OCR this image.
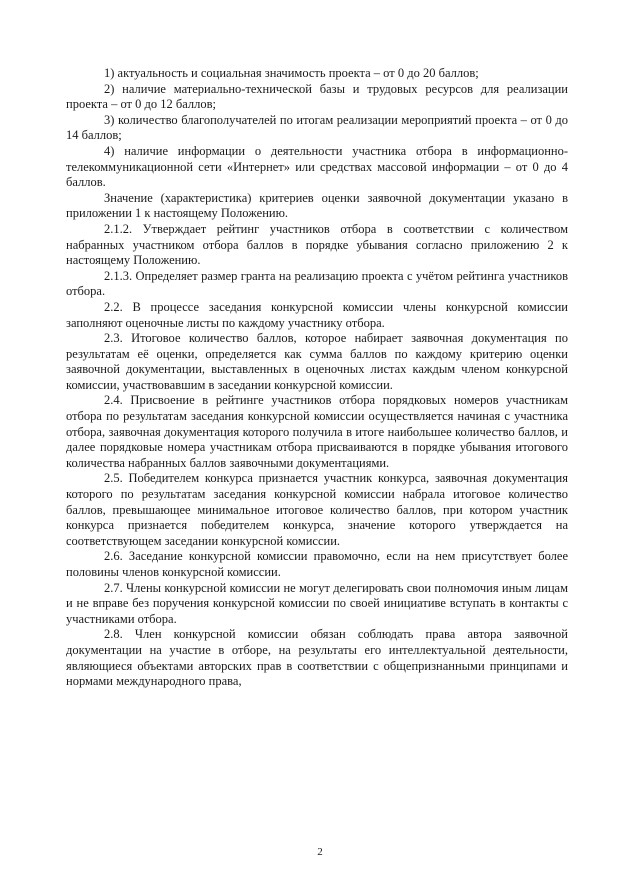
1) актуальность и социальная значимость проекта – от 0 до 20 баллов;

2) наличие материально-технической базы и трудовых ресурсов для реализации проекта – от 0 до 12 баллов;

3) количество благополучателей по итогам реализации мероприятий проекта – от 0 до 14 баллов;

4) наличие информации о деятельности участника отбора в информационно-телекоммуникационной сети «Интернет» или средствах массовой информации – от 0 до 4 баллов.

Значение (характеристика) критериев оценки заявочной документации указано в приложении 1 к настоящему Положению.

2.1.2. Утверждает рейтинг участников отбора в соответствии с количеством набранных участником отбора баллов в порядке убывания согласно приложению 2 к настоящему Положению.

2.1.3. Определяет размер гранта на реализацию проекта с учётом рейтинга участников отбора.

2.2. В процессе заседания конкурсной комиссии члены конкурсной комиссии заполняют оценочные листы по каждому участнику отбора.

2.3. Итоговое количество баллов, которое набирает заявочная документация по результатам её оценки, определяется как сумма баллов по каждому критерию оценки заявочной документации, выставленных в оценочных листах каждым членом конкурсной комиссии, участвовавшим в заседании конкурсной комиссии.

2.4. Присвоение в рейтинге участников отбора порядковых номеров участникам отбора по результатам заседания конкурсной комиссии осуществляется начиная с участника отбора, заявочная документация которого получила в итоге наибольшее количество баллов, и далее порядковые номера участникам отбора присваиваются в порядке убывания итогового количества набранных баллов заявочными документациями.

2.5. Победителем конкурса признается участник конкурса, заявочная документация которого по результатам заседания конкурсной комиссии набрала итоговое количество баллов, превышающее минимальное итоговое количество баллов, при котором участник конкурса признается победителем конкурса, значение которого утверждается на соответствующем заседании конкурсной комиссии.

2.6. Заседание конкурсной комиссии правомочно, если на нем присутствует более половины членов конкурсной комиссии.

2.7. Члены конкурсной комиссии не могут делегировать свои полномочия иным лицам и не вправе без поручения конкурсной комиссии по своей инициативе вступать в контакты с участниками отбора.

2.8. Член конкурсной комиссии обязан соблюдать права автора заявочной документации на участие в отборе, на результаты его интеллектуальной деятельности, являющиеся объектами авторских прав в соответствии с общепризнанными принципами и нормами международного права,

2
